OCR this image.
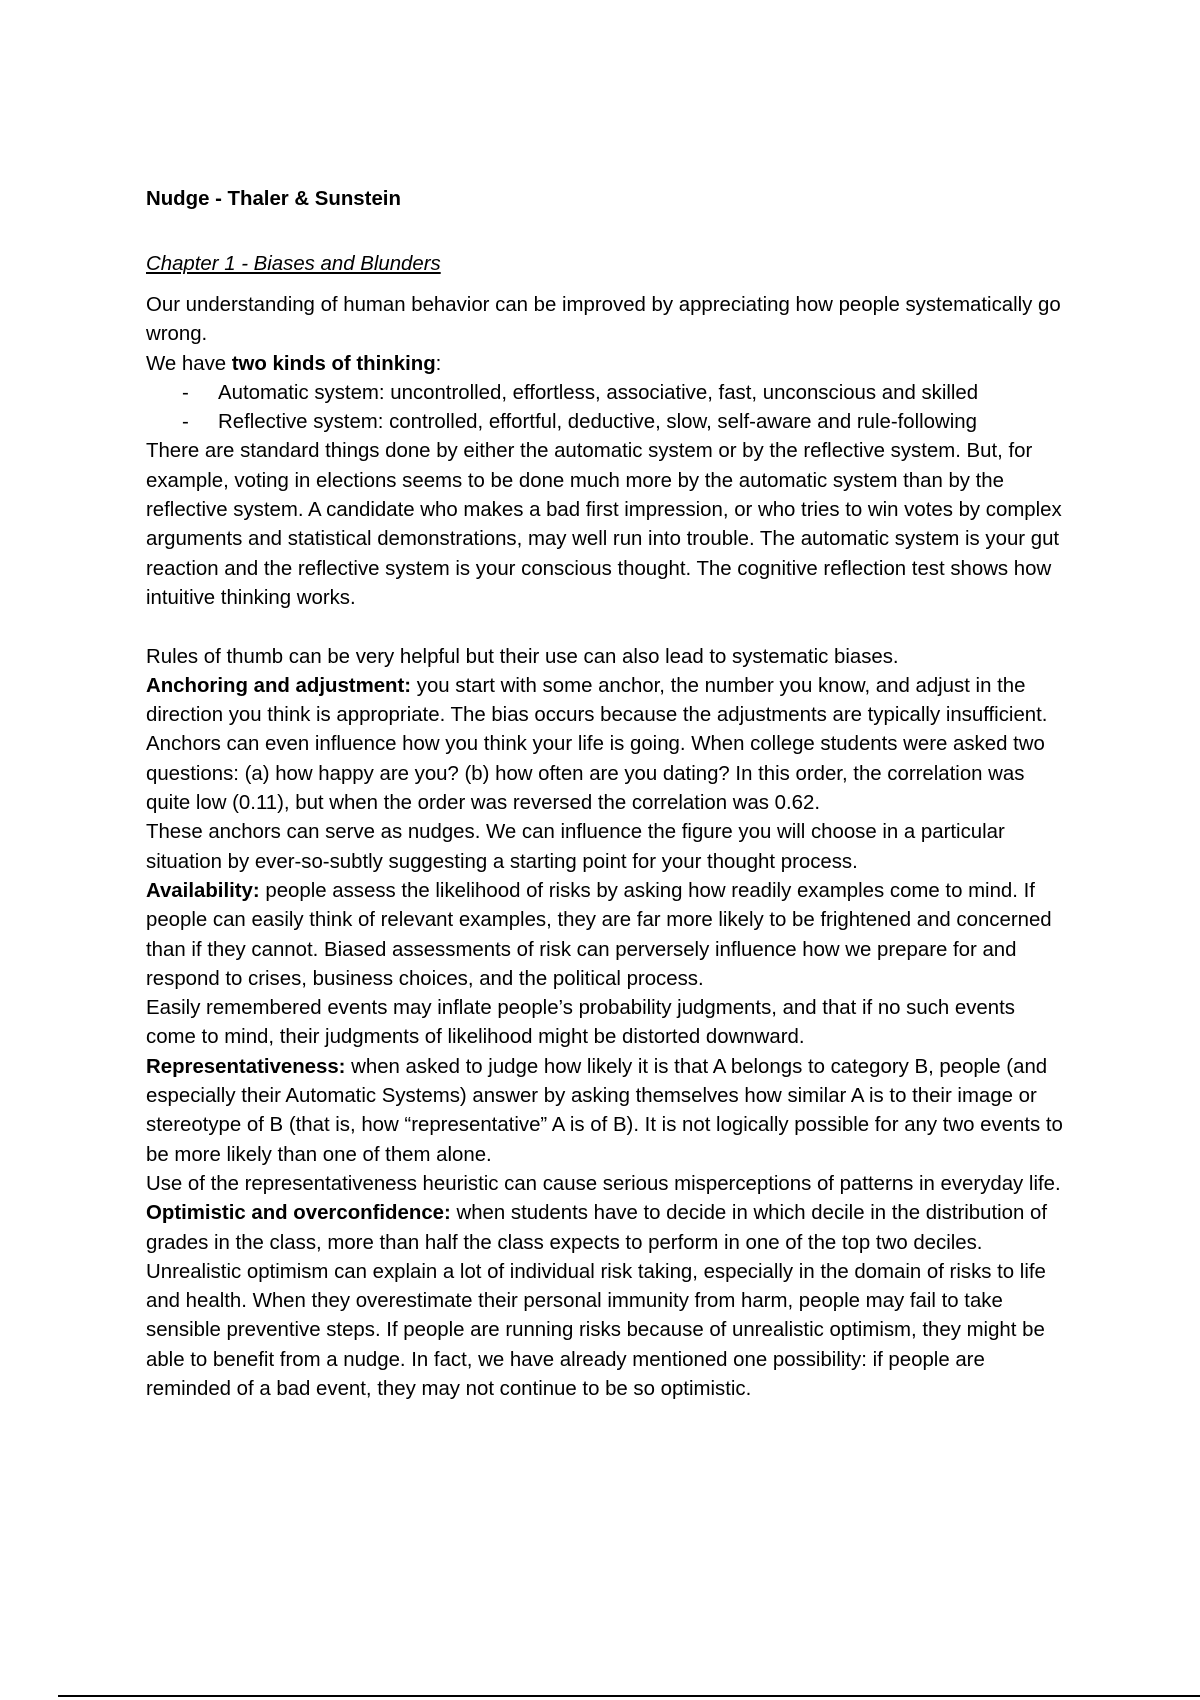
Nudge - Thaler & Sunstein
Chapter 1 - Biases and Blunders

Our understanding of human behavior can be improved by appreciating how people systematically go wrong.

We have two kinds of thinking:

- Automatic system: uncontrolled, effortless, associative, fast, unconscious and skilled
- Reflective system: controlled, effortful, deductive, slow, self-aware and rule-following

There are standard things done by either the automatic system or by the reflective system. But, for example, voting in elections seems to be done much more by the automatic system than by the reflective system. A candidate who makes a bad first impression, or who tries to win votes by complex arguments and statistical demonstrations, may well run into trouble. The automatic system is your gut reaction and the reflective system is your conscious thought. The cognitive reflection test shows how intuitive thinking works.

Rules of thumb can be very helpful but their use can also lead to systematic biases.

Anchoring and adjustment: you start with some anchor, the number you know, and adjust in the direction you think is appropriate. The bias occurs because the adjustments are typically insufficient. Anchors can even influence how you think your life is going. When college students were asked two questions: (a) how happy are you? (b) how often are you dating? In this order, the correlation was quite low (0.11), but when the order was reversed the correlation was 0.62.

These anchors can serve as nudges. We can influence the figure you will choose in a particular situation by ever-so-subtly suggesting a starting point for your thought process.

Availability: people assess the likelihood of risks by asking how readily examples come to mind. If people can easily think of relevant examples, they are far more likely to be frightened and concerned than if they cannot. Biased assessments of risk can perversely influence how we prepare for and respond to crises, business choices, and the political process.

Easily remembered events may inflate people’s probability judgments, and that if no such events come to mind, their judgments of likelihood might be distorted downward.

Representativeness: when asked to judge how likely it is that A belongs to category B, people (and especially their Automatic Systems) answer by asking themselves how similar A is to their image or stereotype of B (that is, how “representative” A is of B). It is not logically possible for any two events to be more likely than one of them alone.

Use of the representativeness heuristic can cause serious misperceptions of patterns in everyday life.

Optimistic and overconfidence: when students have to decide in which decile in the distribution of grades in the class, more than half the class expects to perform in one of the top two deciles.

Unrealistic optimism can explain a lot of individual risk taking, especially in the domain of risks to life and health. When they overestimate their personal immunity from harm, people may fail to take sensible preventive steps. If people are running risks because of unrealistic optimism, they might be able to benefit from a nudge. In fact, we have already mentioned one possibility: if people are reminded of a bad event, they may not continue to be so optimistic.
